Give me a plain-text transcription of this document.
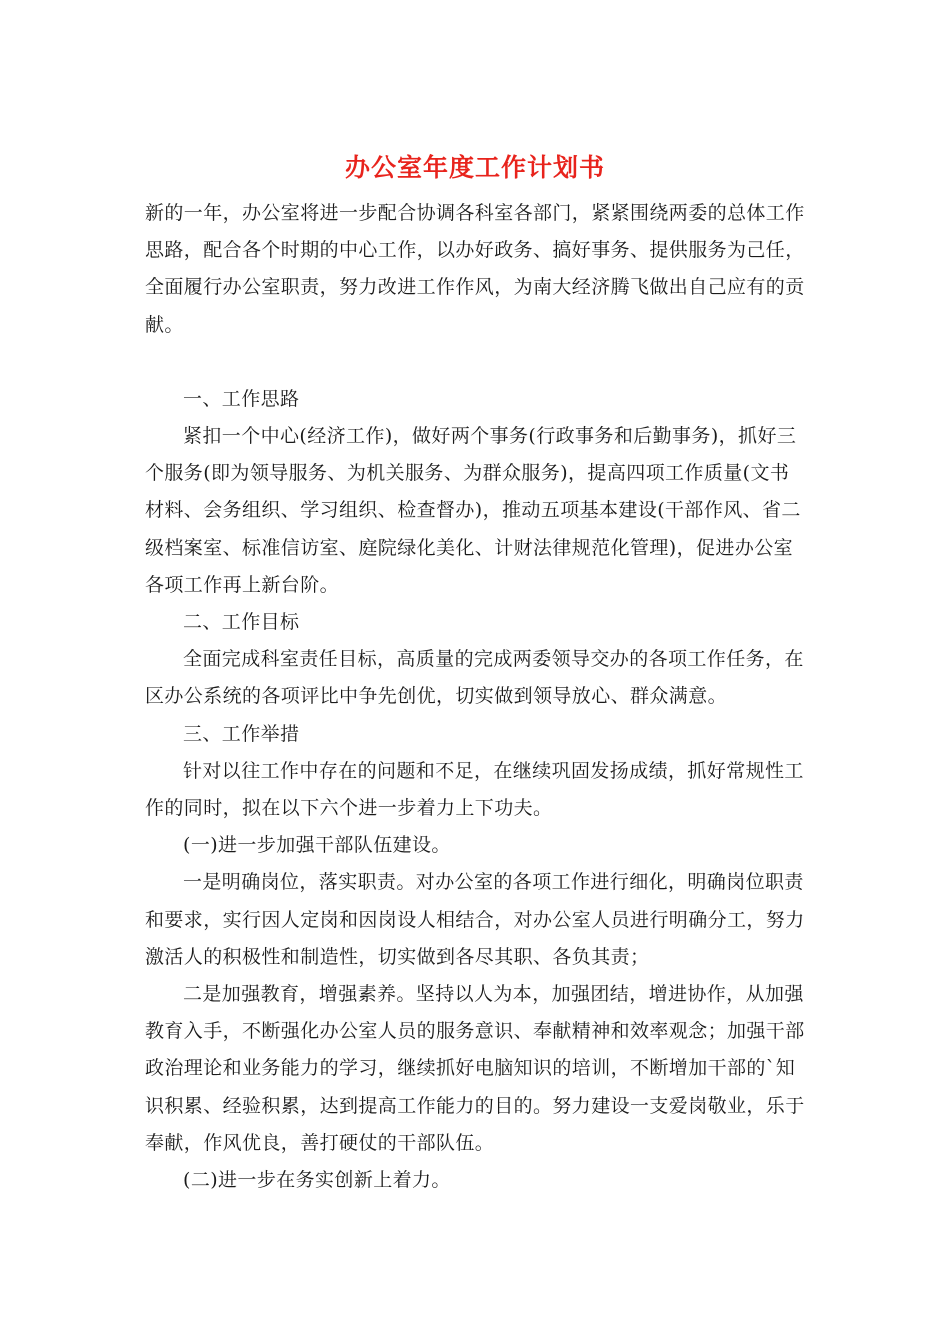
办公室年度工作计划书

新的一年，办公室将进一步配合协调各科室各部门，紧紧围绕两委的总体工作思路，配合各个时期的中心工作，以办好政务、搞好事务、提供服务为己任，全面履行办公室职责，努力改进工作作风，为南大经济腾飞做出自己应有的贡献。

一、工作思路

紧扣一个中心(经济工作)，做好两个事务(行政事务和后勤事务)，抓好三个服务(即为领导服务、为机关服务、为群众服务)，提高四项工作质量(文书材料、会务组织、学习组织、检查督办)，推动五项基本建设(干部作风、省二级档案室、标准信访室、庭院绿化美化、计财法律规范化管理)，促进办公室各项工作再上新台阶。

二、工作目标

全面完成科室责任目标，高质量的完成两委领导交办的各项工作任务，在区办公系统的各项评比中争先创优，切实做到领导放心、群众满意。

三、工作举措

针对以往工作中存在的问题和不足，在继续巩固发扬成绩，抓好常规性工作的同时，拟在以下六个进一步着力上下功夫。

(一)进一步加强干部队伍建设。

一是明确岗位，落实职责。对办公室的各项工作进行细化，明确岗位职责和要求，实行因人定岗和因岗设人相结合，对办公室人员进行明确分工，努力激活人的积极性和制造性，切实做到各尽其职、各负其责；

二是加强教育，增强素养。坚持以人为本，加强团结，增进协作，从加强教育入手，不断强化办公室人员的服务意识、奉献精神和效率观念；加强干部政治理论和业务能力的学习，继续抓好电脑知识的培训，不断增加干部的`知识积累、经验积累，达到提高工作能力的目的。努力建设一支爱岗敬业，乐于奉献，作风优良，善打硬仗的干部队伍。

(二)进一步在务实创新上着力。
